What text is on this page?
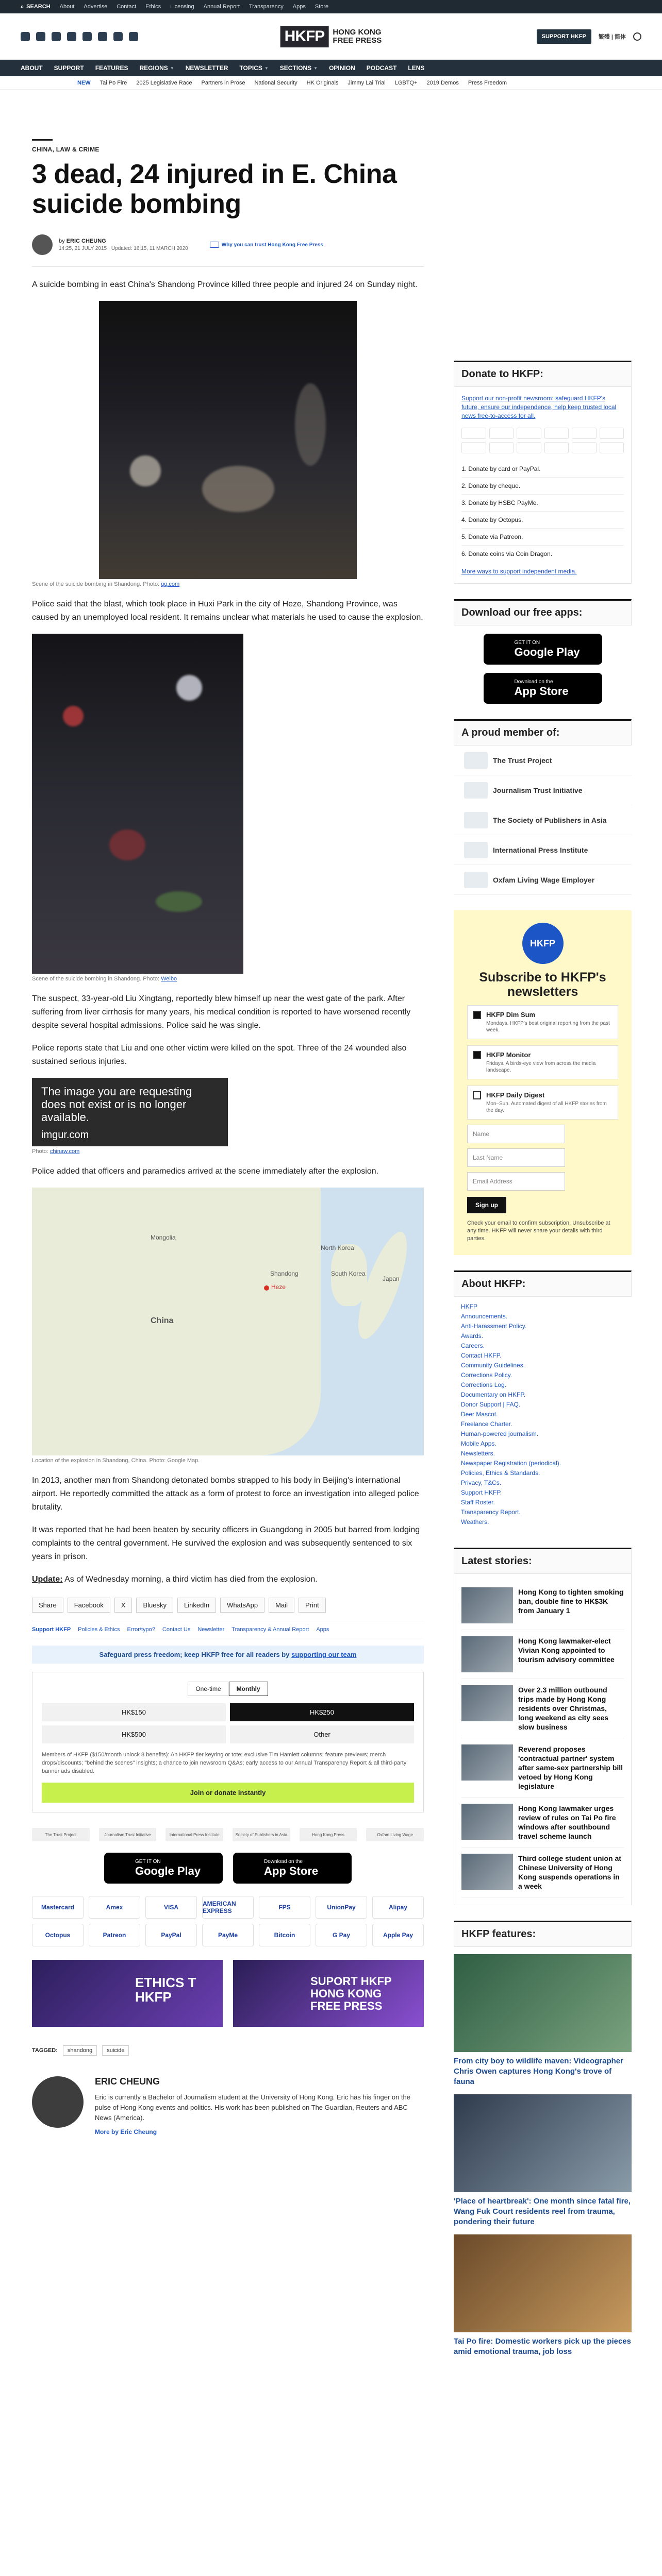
⌕ SEARCH About Advertise Contact Ethics Licensing Annual Report Transparency Apps Store
HKFP	HONG KONG
FREE PRESS	SUPPORT HKFP	繁體 | 简体
ABOUT SUPPORT FEATURES REGIONS ▼ NEWSLETTER TOPICS ▼ SECTIONS ▼ OPINION PODCAST LENS
NEW Tai Po Fire 2025 Legislative Race Partners in Prose National Security HK Originals Jimmy Lai Trial LGBTQ+ 2019 Demos Press Freedom
CHINA, LAW & CRIME
3 dead, 24 injured in E. China suicide bombing
by ERIC CHEUNG
14:25, 21 JULY 2015 · Updated: 16:15, 11 MARCH 2020
Why you can trust Hong Kong Free Press

A suicide bombing in east China's Shandong Province killed three people and injured 24 on Sunday night.

Scene of the suicide bombing in Shandong. Photo: qq.com

Police said that the blast, which took place in Huxi Park in the city of Heze, Shandong Province, was caused by an unemployed local resident. It remains unclear what materials he used to cause the explosion.

Scene of the suicide bombing in Shandong. Photo: Weibo

The suspect, 33-year-old Liu Xingtang, reportedly blew himself up near the west gate of the park. After suffering from liver cirrhosis for many years, his medical condition is reported to have worsened recently despite several hospital admissions. Police said he was single.

Police reports state that Liu and one other victim were killed on the spot. Three of the 24 wounded also sustained serious injuries.

The image you are requesting does not exist or is no longer available.
imgur.com
Photo: chinaw.com

Police added that officers and paramedics arrived at the scene immediately after the explosion.

Mongolia
China
North Korea
South Korea
Japan
Heze
Shandong
Location of the explosion in Shandong, China. Photo: Google Map.

In 2013, another man from Shandong detonated bombs strapped to his body in Beijing's international airport. He reportedly committed the attack as a form of protest to force an investigation into alleged police brutality.

It was reported that he had been beaten by security officers in Guangdong in 2005 but barred from lodging complaints to the central government. He survived the explosion and was subsequently sentenced to six years in prison.

Update: As of Wednesday morning, a third victim has died from the explosion.

Share	Facebook	X	Bluesky	LinkedIn	WhatsApp	Mail	Print
Support HKFP Policies & Ethics Error/typo? Contact Us Newsletter Transparency & Annual Report Apps
Safeguard press freedom; keep HKFP free for all readers by supporting our team
One-time	Monthly
HK$150	HK$250
HK$500	Other
Members of HKFP ($150/month unlock 8 benefits): An HKFP tier keyring or tote; exclusive Tim Hamlett columns; feature previews; merch drops/discounts; "behind the scenes" insights; a chance to join newsroom Q&As; early access to our Annual Transparency Report & all third-party banner ads disabled.
Join or donate instantly
The Trust Project	Journalism Trust Initiative	International Press Institute	Society of Publishers in Asia	Hong Kong Press	Oxfam Living Wage
GET IT ON
Google Play
Download on the
App Store
Mastercard	Amex	VISA	AMERICAN EXPRESS	FPS	UnionPay	Alipay
Octopus	Patreon	PayPal	PayMe	Bitcoin	G Pay	Apple Pay
ETHICS T HKFP
SUPORT HKFP HONG KONG FREE PRESS
TAGGED:	shandong	suicide
ERIC CHEUNG
Eric is currently a Bachelor of Journalism student at the University of Hong Kong. Eric has his finger on the pulse of Hong Kong events and politics. His work has been published on The Guardian, Reuters and ABC News (America).
More by Eric Cheung
Donate to HKFP:
Support our non-profit newsroom: safeguard HKFP's future, ensure our independence, help keep trusted local news free-to-access for all.
1. Donate by card or PayPal.
2. Donate by cheque.
3. Donate by HSBC PayMe.
4. Donate by Octopus.
5. Donate via Patreon.
6. Donate coins via Coin Dragon.
More ways to support independent media.
Download our free apps:
GET IT ON
Google Play
Download on the
App Store
A proud member of:
The Trust Project
Journalism Trust Initiative
The Society of Publishers in Asia
International Press Institute
Oxfam Living Wage Employer
HKFP
Subscribe to HKFP's newsletters
HKFP Dim Sum
Mondays. HKFP's best original reporting from the past week.
HKFP Monitor
Fridays. A birds-eye view from across the media landscape.
HKFP Daily Digest
Mon–Sun. Automated digest of all HKFP stories from the day.
Name
Last Name
Email Address
Sign up
Check your email to confirm subscription. Unsubscribe at any time. HKFP will never share your details with third parties.
About HKFP:
HKFP
Announcements.
Anti-Harassment Policy.
Awards.
Careers.
Contact HKFP.
Community Guidelines.
Corrections Policy.
Corrections Log.
Documentary on HKFP.
Donor Support | FAQ.
Deer Mascot.
Freelance Charter.
Human-powered journalism.
Mobile Apps.
Newsletters.
Newspaper Registration (periodical).
Policies, Ethics & Standards.
Privacy, T&Cs.
Support HKFP.
Staff Roster.
Transparency Report.
Weathers.
Latest stories:
Hong Kong to tighten smoking ban, double fine to HK$3K from January 1
Hong Kong lawmaker-elect Vivian Kong appointed to tourism advisory committee
Over 2.3 million outbound trips made by Hong Kong residents over Christmas, long weekend as city sees slow business
Reverend proposes 'contractual partner' system after same-sex partnership bill vetoed by Hong Kong legislature
Hong Kong lawmaker urges review of rules on Tai Po fire windows after southbound travel scheme launch
Third college student union at Chinese University of Hong Kong suspends operations in a week
HKFP features:
From city boy to wildlife maven: Videographer Chris Owen captures Hong Kong's trove of fauna
'Place of heartbreak': One month since fatal fire, Wang Fuk Court residents reel from trauma, pondering their future
Tai Po fire: Domestic workers pick up the pieces amid emotional trauma, job loss
